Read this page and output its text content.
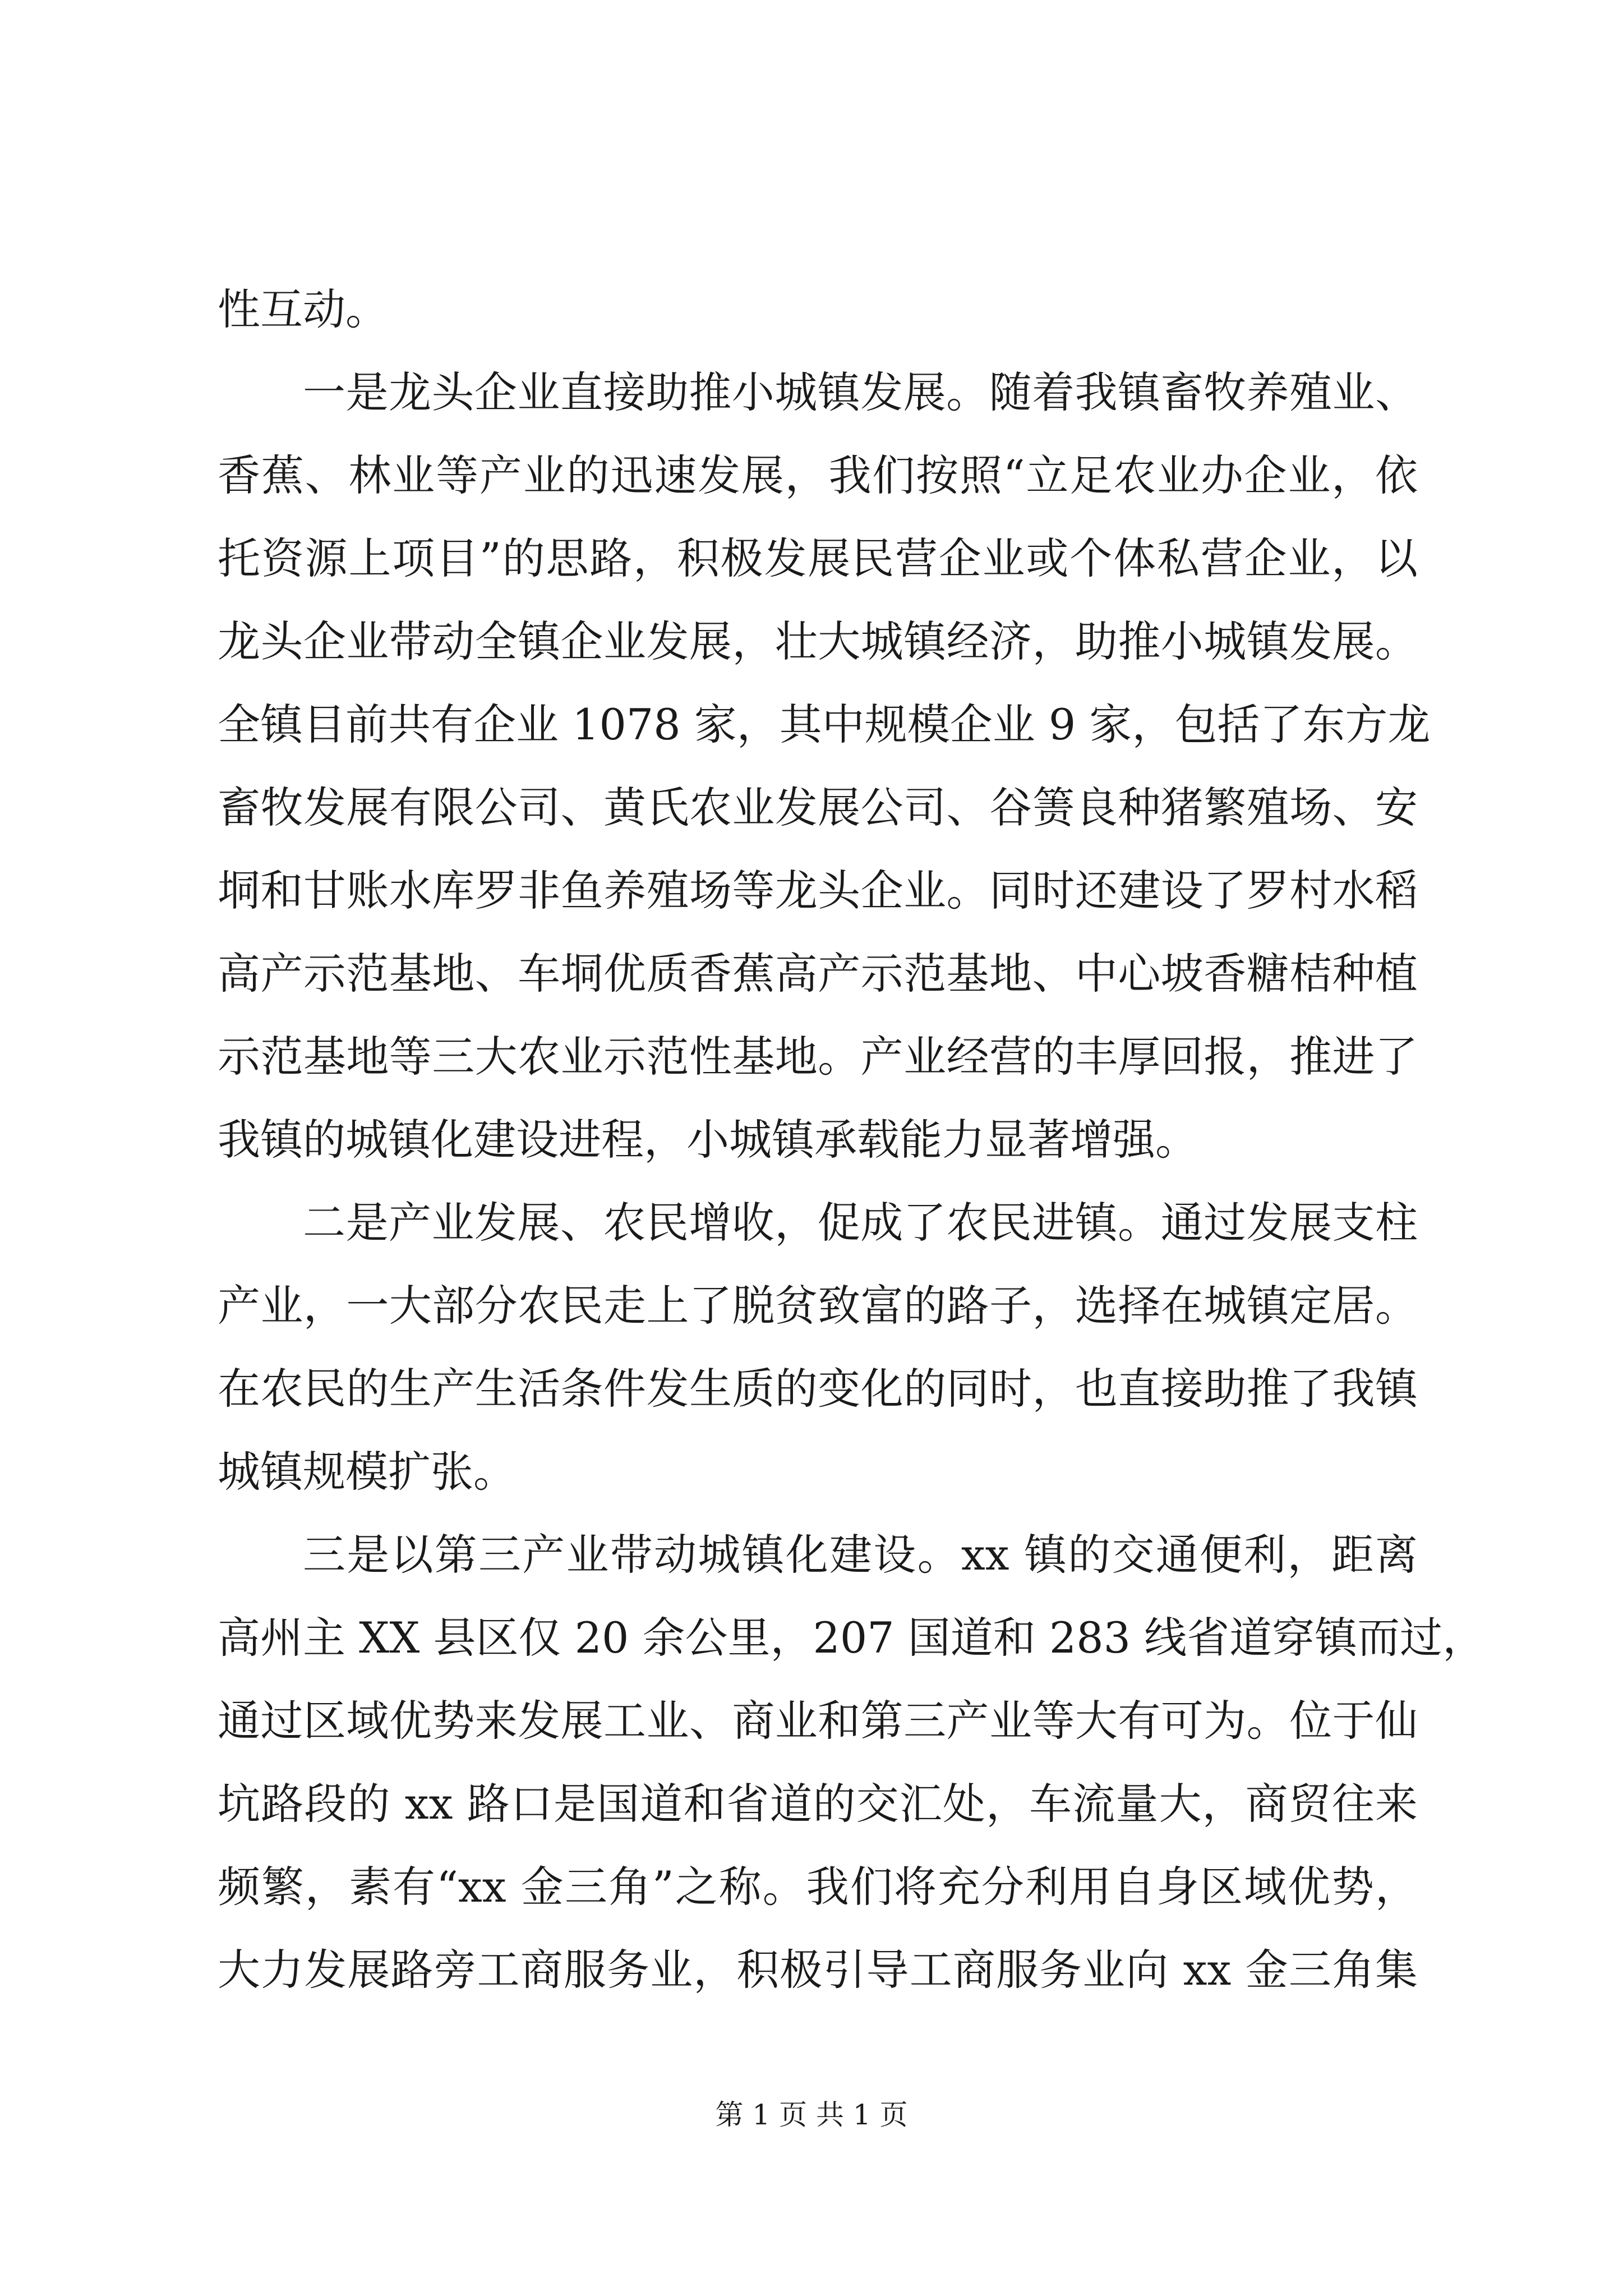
性互动。
一是龙头企业直接助推小城镇发展。随着我镇畜牧养殖业、
香蕉、林业等产业的迅速发展，我们按照“立足农业办企业，依
托资源上项目”的思路，积极发展民营企业或个体私营企业，以
龙头企业带动全镇企业发展，壮大城镇经济，助推小城镇发展。
全镇目前共有企业 1078 家，其中规模企业 9 家，包括了东方龙
畜牧发展有限公司、黄氏农业发展公司、谷箦良种猪繁殖场、安
垌和甘账水库罗非鱼养殖场等龙头企业。同时还建设了罗村水稻
高产示范基地、车垌优质香蕉高产示范基地、中心坡香糖桔种植
示范基地等三大农业示范性基地。产业经营的丰厚回报，推进了
我镇的城镇化建设进程，小城镇承载能力显著增强。
二是产业发展、农民增收，促成了农民进镇。通过发展支柱
产业，一大部分农民走上了脱贫致富的路子，选择在城镇定居。
在农民的生产生活条件发生质的变化的同时，也直接助推了我镇
城镇规模扩张。
三是以第三产业带动城镇化建设。xx 镇的交通便利，距离
高州主 XX 县区仅 20 余公里，207 国道和 283 线省道穿镇而过，
通过区域优势来发展工业、商业和第三产业等大有可为。位于仙
坑路段的 xx 路口是国道和省道的交汇处，车流量大，商贸往来
频繁，素有“xx 金三角”之称。我们将充分利用自身区域优势，
大力发展路旁工商服务业，积极引导工商服务业向 xx 金三角集
第 1 页 共 1 页
